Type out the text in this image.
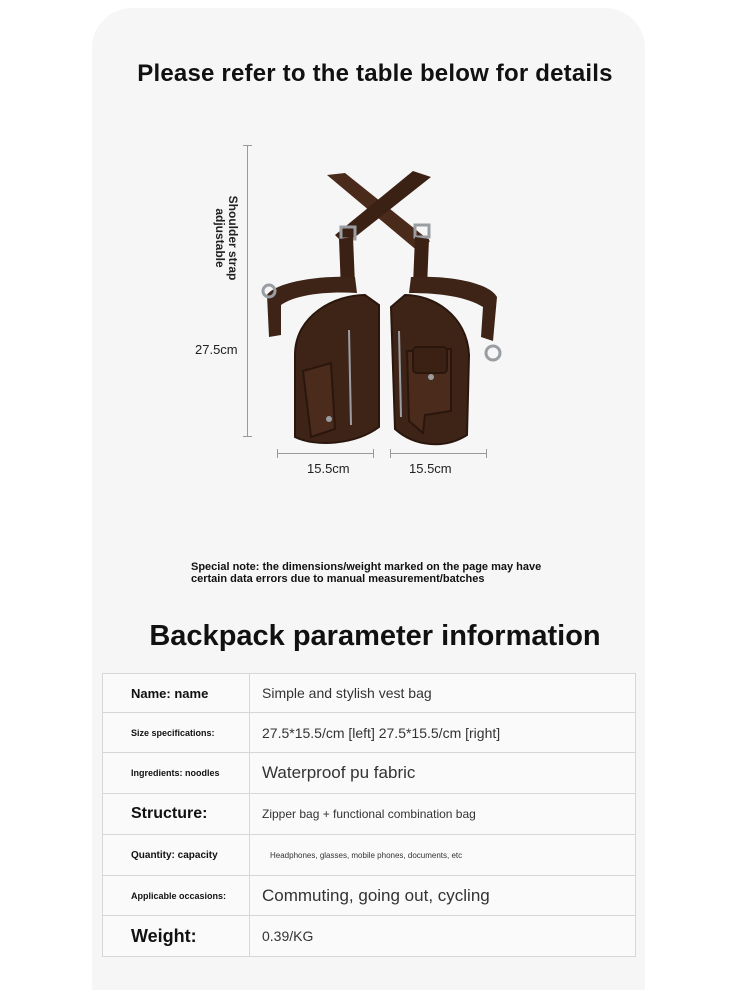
Please refer to the table below for details
Shoulder strap
adjustable
27.5cm
15.5cm	15.5cm
Special note: the dimensions/weight marked on the page may have certain data errors due to manual measurement/batches
Backpack parameter information
Name: name	Simple and stylish vest bag
Size specifications:	27.5*15.5/cm [left] 27.5*15.5/cm [right]
Ingredients: noodles	Waterproof pu fabric
Structure:	Zipper bag + functional combination bag
Quantity: capacity	Headphones, glasses, mobile phones, documents, etc
Applicable occasions:	Commuting, going out, cycling
Weight:	0.39/KG
